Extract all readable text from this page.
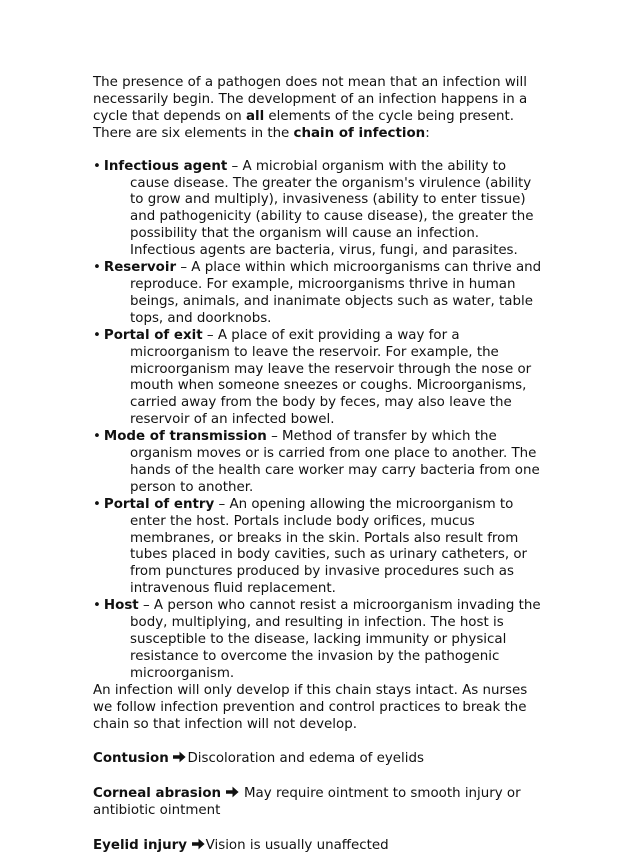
The presence of a pathogen does not mean that an infection will necessarily begin. The development of an infection happens in a cycle that depends on all elements of the cycle being present. There are six elements in the chain of infection:

• Infectious agent – A microbial organism with the ability to cause disease. The greater the organism's virulence (ability to grow and multiply), invasiveness (ability to enter tissue) and pathogenicity (ability to cause disease), the greater the possibility that the organism will cause an infection. Infectious agents are bacteria, virus, fungi, and parasites.
• Reservoir – A place within which microorganisms can thrive and reproduce. For example, microorganisms thrive in human beings, animals, and inanimate objects such as water, table tops, and doorknobs.
• Portal of exit – A place of exit providing a way for a microorganism to leave the reservoir. For example, the microorganism may leave the reservoir through the nose or mouth when someone sneezes or coughs. Microorganisms, carried away from the body by feces, may also leave the reservoir of an infected bowel.
• Mode of transmission – Method of transfer by which the organism moves or is carried from one place to another. The hands of the health care worker may carry bacteria from one person to another.
• Portal of entry – An opening allowing the microorganism to enter the host. Portals include body orifices, mucus membranes, or breaks in the skin. Portals also result from tubes placed in body cavities, such as urinary catheters, or from punctures produced by invasive procedures such as intravenous fluid replacement.
• Host – A person who cannot resist a microorganism invading the body, multiplying, and resulting in infection. The host is susceptible to the disease, lacking immunity or physical resistance to overcome the invasion by the pathogenic microorganism.

An infection will only develop if this chain stays intact. As nurses we follow infection prevention and control practices to break the chain so that infection will not develop.

Contusion
Discoloration and edema of eyelids

Corneal abrasion
May require ointment to smooth injury or antibiotic ointment

Eyelid injury
Vision is usually unaffected
